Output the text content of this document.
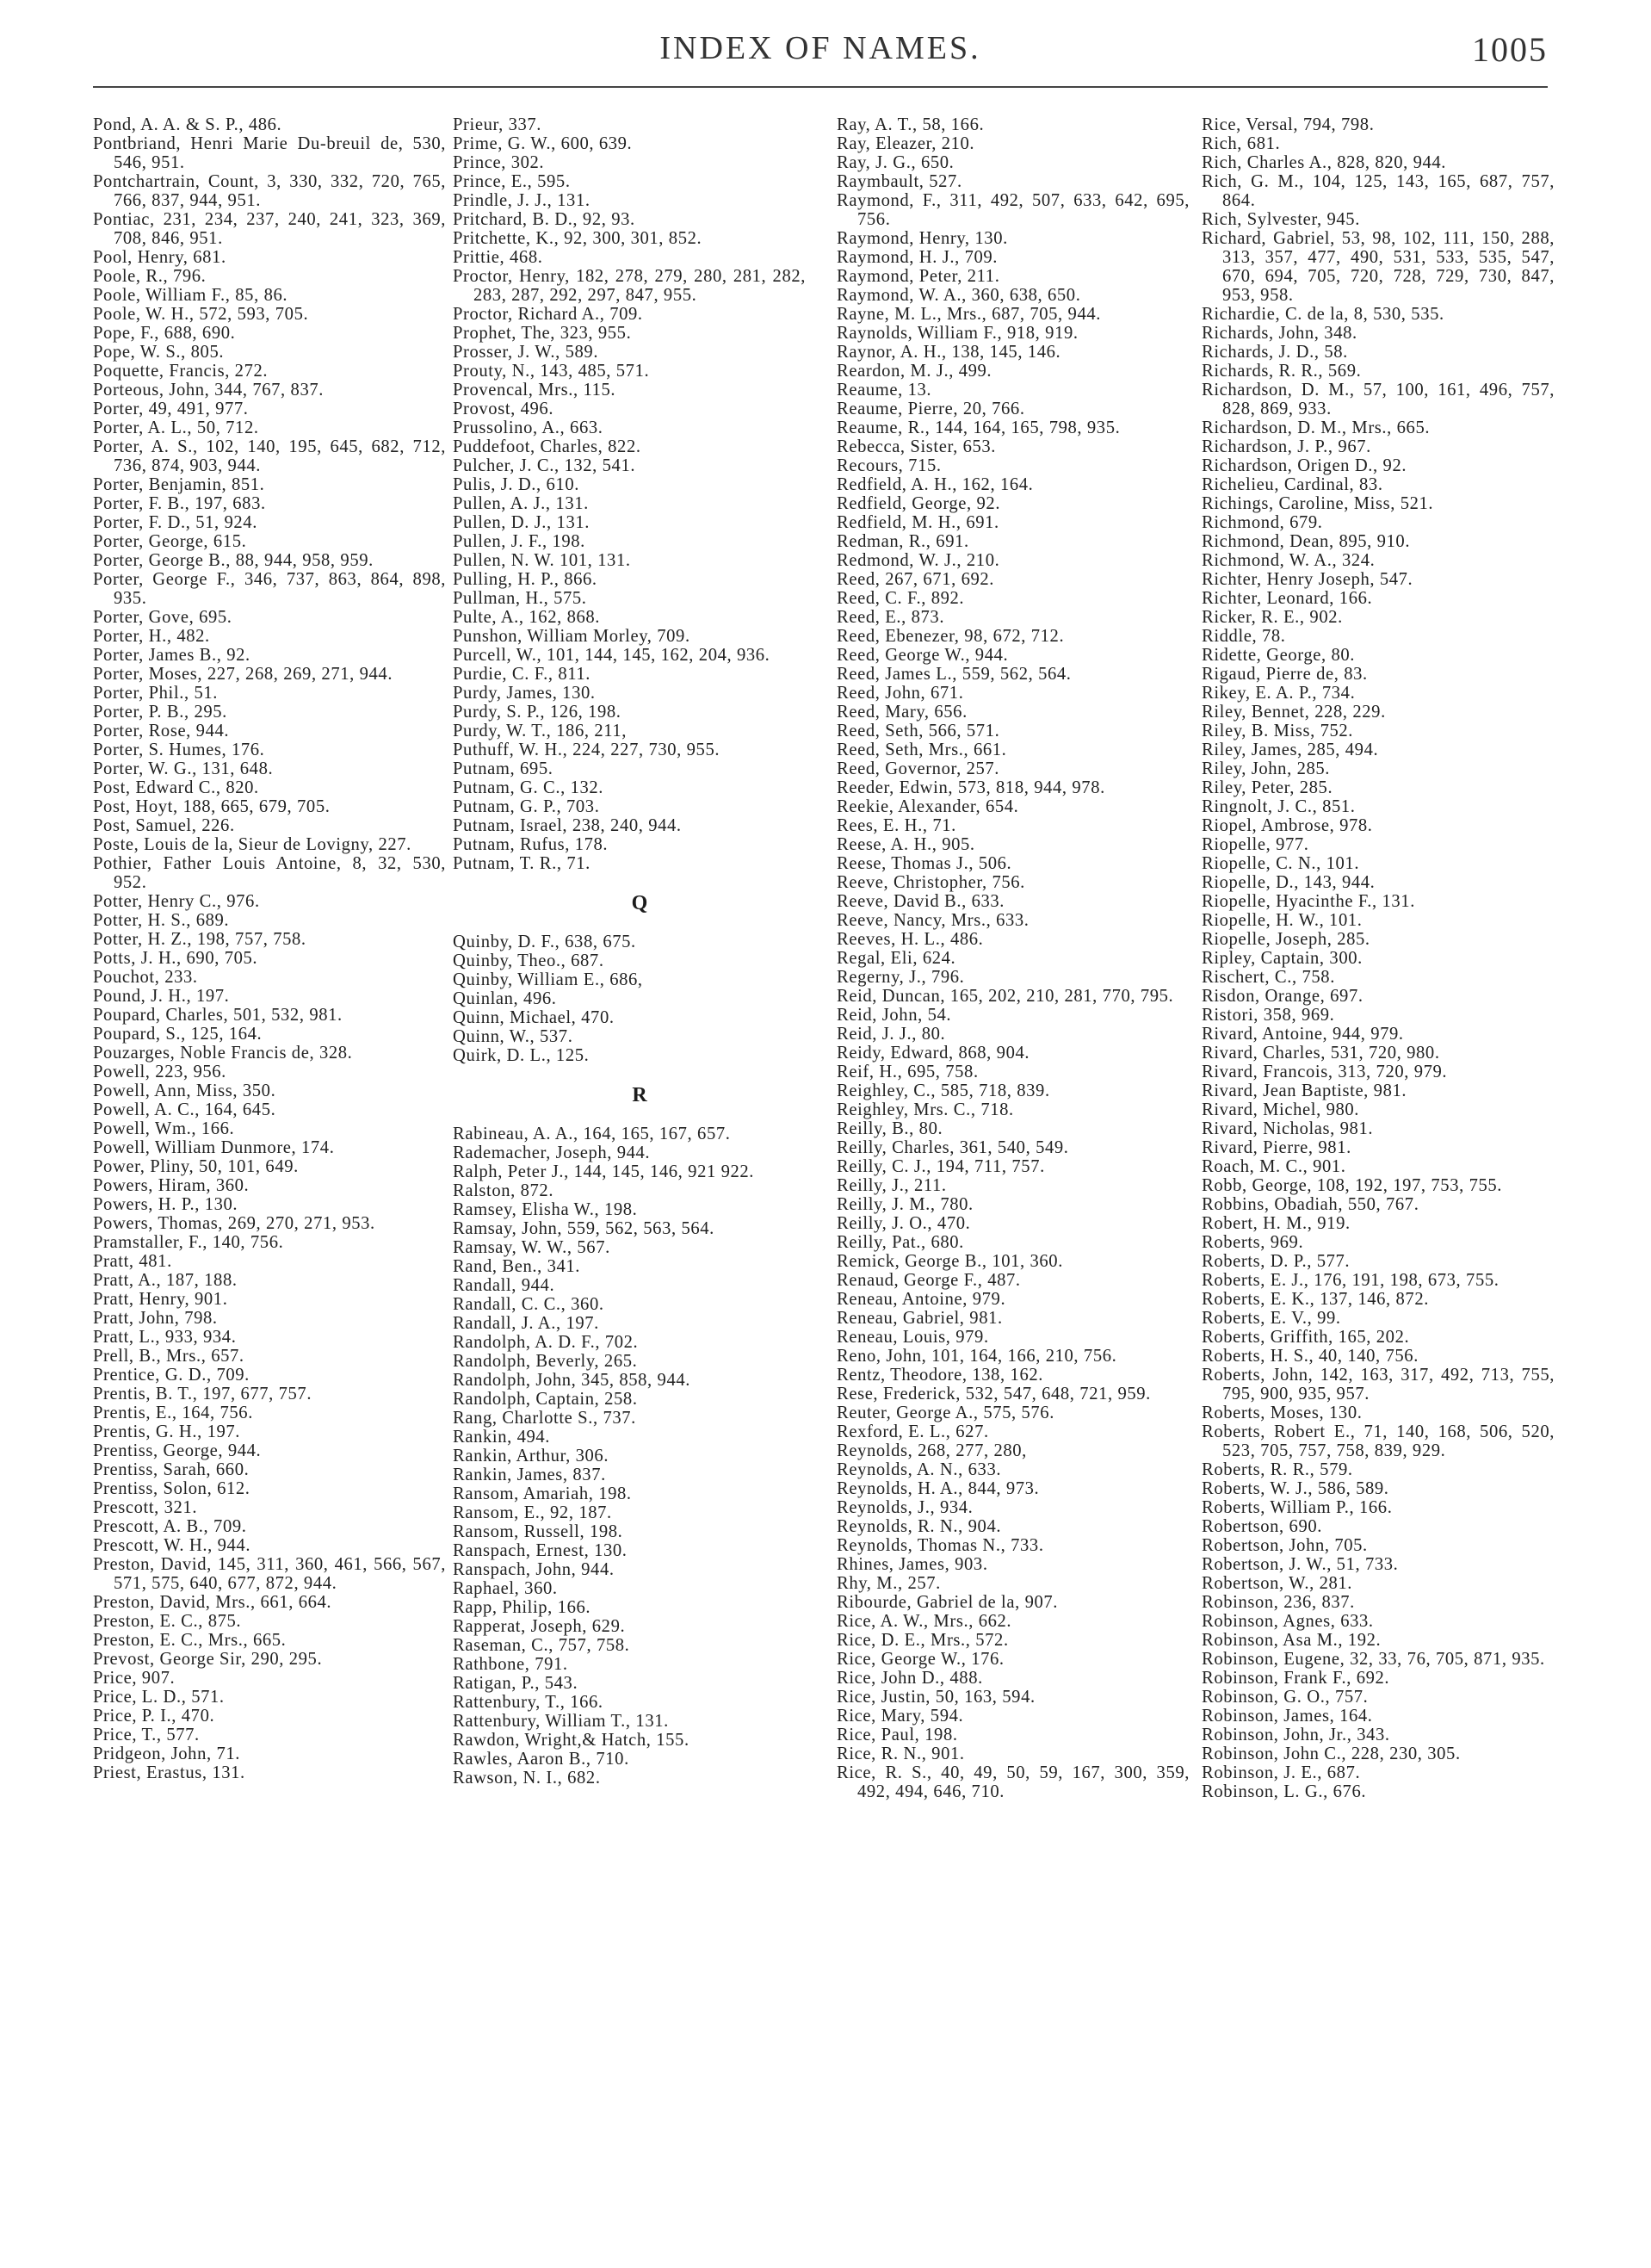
INDEX OF NAMES.	1005
Pond, A. A. & S. P., 486.
Pontbriand, Henri Marie Du-breuil de, 530, 546, 951.
Pontchartrain, Count, 3, 330, 332, 720, 765, 766, 837, 944, 951.
Pontiac, 231, 234, 237, 240, 241, 323, 369, 708, 846, 951.
Pool, Henry, 681.
Poole, R., 796.
Poole, William F., 85, 86.
Poole, W. H., 572, 593, 705.
Pope, F., 688, 690.
Pope, W. S., 805.
Poquette, Francis, 272.
Porteous, John, 344, 767, 837.
Porter, 49, 491, 977.
Porter, A. L., 50, 712.
Porter, A. S., 102, 140, 195, 645, 682, 712, 736, 874, 903, 944.
Porter, Benjamin, 851.
Porter, F. B., 197, 683.
Porter, F. D., 51, 924.
Porter, George, 615.
Porter, George B., 88, 944, 958, 959.
Porter, George F., 346, 737, 863, 864, 898, 935.
Porter, Gove, 695.
Porter, H., 482.
Porter, James B., 92.
Porter, Moses, 227, 268, 269, 271, 944.
Porter, Phil., 51.
Porter, P. B., 295.
Porter, Rose, 944.
Porter, S. Humes, 176.
Porter, W. G., 131, 648.
Post, Edward C., 820.
Post, Hoyt, 188, 665, 679, 705.
Post, Samuel, 226.
Poste, Louis de la, Sieur de Lovigny, 227.
Pothier, Father Louis Antoine, 8, 32, 530, 952.
Potter, Henry C., 976.
Potter, H. S., 689.
Potter, H. Z., 198, 757, 758.
Potts, J. H., 690, 705.
Pouchot, 233.
Pound, J. H., 197.
Poupard, Charles, 501, 532, 981.
Poupard, S., 125, 164.
Pouzarges, Noble Francis de, 328.
Powell, 223, 956.
Powell, Ann, Miss, 350.
Powell, A. C., 164, 645.
Powell, Wm., 166.
Powell, William Dunmore, 174.
Power, Pliny, 50, 101, 649.
Powers, Hiram, 360.
Powers, H. P., 130.
Powers, Thomas, 269, 270, 271, 953.
Pramstaller, F., 140, 756.
Pratt, 481.
Pratt, A., 187, 188.
Pratt, Henry, 901.
Pratt, John, 798.
Pratt, L., 933, 934.
Prell, B., Mrs., 657.
Prentice, G. D., 709.
Prentis, B. T., 197, 677, 757.
Prentis, E., 164, 756.
Prentis, G. H., 197.
Prentiss, George, 944.
Prentiss, Sarah, 660.
Prentiss, Solon, 612.
Prescott, 321.
Prescott, A. B., 709.
Prescott, W. H., 944.
Preston, David, 145, 311, 360, 461, 566, 567, 571, 575, 640, 677, 872, 944.
Preston, David, Mrs., 661, 664.
Preston, E. C., 875.
Preston, E. C., Mrs., 665.
Prevost, George Sir, 290, 295.
Price, 907.
Price, L. D., 571.
Price, P. I., 470.
Price, T., 577.
Pridgeon, John, 71.
Priest, Erastus, 131.
Prieur, 337.
Prime, G. W., 600, 639.
Prince, 302.
Prince, E., 595.
Prindle, J. J., 131.
Pritchard, B. D., 92, 93.
Pritchette, K., 92, 300, 301, 852.
Prittie, 468.
Proctor, Henry, 182, 278, 279, 280, 281, 282, 283, 287, 292, 297, 847, 955.
Proctor, Richard A., 709.
Prophet, The, 323, 955.
Prosser, J. W., 589.
Prouty, N., 143, 485, 571.
Provencal, Mrs., 115.
Provost, 496.
Prussolino, A., 663.
Puddefoot, Charles, 822.
Pulcher, J. C., 132, 541.
Pulis, J. D., 610.
Pullen, A. J., 131.
Pullen, D. J., 131.
Pullen, J. F., 198.
Pullen, N. W. 101, 131.
Pulling, H. P., 866.
Pullman, H., 575.
Pulte, A., 162, 868.
Punshon, William Morley, 709.
Purcell, W., 101, 144, 145, 162, 204, 936.
Purdie, C. F., 811.
Purdy, James, 130.
Purdy, S. P., 126, 198.
Purdy, W. T., 186, 211,
Puthuff, W. H., 224, 227, 730, 955.
Putnam, 695.
Putnam, G. C., 132.
Putnam, G. P., 703.
Putnam, Israel, 238, 240, 944.
Putnam, Rufus, 178.
Putnam, T. R., 71.
Q
Quinby, D. F., 638, 675.
Quinby, Theo., 687.
Quinby, William E., 686,
Quinlan, 496.
Quinn, Michael, 470.
Quinn, W., 537.
Quirk, D. L., 125.
R
Rabineau, A. A., 164, 165, 167, 657.
Rademacher, Joseph, 944.
Ralph, Peter J., 144, 145, 146, 921 922.
Ralston, 872.
Ramsey, Elisha W., 198.
Ramsay, John, 559, 562, 563, 564.
Ramsay, W. W., 567.
Rand, Ben., 341.
Randall, 944.
Randall, C. C., 360.
Randall, J. A., 197.
Randolph, A. D. F., 702.
Randolph, Beverly, 265.
Randolph, John, 345, 858, 944.
Randolph, Captain, 258.
Rang, Charlotte S., 737.
Rankin, 494.
Rankin, Arthur, 306.
Rankin, James, 837.
Ransom, Amariah, 198.
Ransom, E., 92, 187.
Ransom, Russell, 198.
Ranspach, Ernest, 130.
Ranspach, John, 944.
Raphael, 360.
Rapp, Philip, 166.
Rapperat, Joseph, 629.
Raseman, C., 757, 758.
Rathbone, 791.
Ratigan, P., 543.
Rattenbury, T., 166.
Rattenbury, William T., 131.
Rawdon, Wright,& Hatch, 155.
Rawles, Aaron B., 710.
Rawson, N. I., 682.
Ray, A. T., 58, 166.
Ray, Eleazer, 210.
Ray, J. G., 650.
Raymbault, 527.
Raymond, F., 311, 492, 507, 633, 642, 695, 756.
Raymond, Henry, 130.
Raymond, H. J., 709.
Raymond, Peter, 211.
Raymond, W. A., 360, 638, 650.
Rayne, M. L., Mrs., 687, 705, 944.
Raynolds, William F., 918, 919.
Raynor, A. H., 138, 145, 146.
Reardon, M. J., 499.
Reaume, 13.
Reaume, Pierre, 20, 766.
Reaume, R., 144, 164, 165, 798, 935.
Rebecca, Sister, 653.
Recours, 715.
Redfield, A. H., 162, 164.
Redfield, George, 92.
Redfield, M. H., 691.
Redman, R., 691.
Redmond, W. J., 210.
Reed, 267, 671, 692.
Reed, C. F., 892.
Reed, E., 873.
Reed, Ebenezer, 98, 672, 712.
Reed, George W., 944.
Reed, James L., 559, 562, 564.
Reed, John, 671.
Reed, Mary, 656.
Reed, Seth, 566, 571.
Reed, Seth, Mrs., 661.
Reed, Governor, 257.
Reeder, Edwin, 573, 818, 944, 978.
Reekie, Alexander, 654.
Rees, E. H., 71.
Reese, A. H., 905.
Reese, Thomas J., 506.
Reeve, Christopher, 756.
Reeve, David B., 633.
Reeve, Nancy, Mrs., 633.
Reeves, H. L., 486.
Regal, Eli, 624.
Regerny, J., 796.
Reid, Duncan, 165, 202, 210, 281, 770, 795.
Reid, John, 54.
Reid, J. J., 80.
Reidy, Edward, 868, 904.
Reif, H., 695, 758.
Reighley, C., 585, 718, 839.
Reighley, Mrs. C., 718.
Reilly, B., 80.
Reilly, Charles, 361, 540, 549.
Reilly, C. J., 194, 711, 757.
Reilly, J., 211.
Reilly, J. M., 780.
Reilly, J. O., 470.
Reilly, Pat., 680.
Remick, George B., 101, 360.
Renaud, George F., 487.
Reneau, Antoine, 979.
Reneau, Gabriel, 981.
Reneau, Louis, 979.
Reno, John, 101, 164, 166, 210, 756.
Rentz, Theodore, 138, 162.
Rese, Frederick, 532, 547, 648, 721, 959.
Reuter, George A., 575, 576.
Rexford, E. L., 627.
Reynolds, 268, 277, 280,
Reynolds, A. N., 633.
Reynolds, H. A., 844, 973.
Reynolds, J., 934.
Reynolds, R. N., 904.
Reynolds, Thomas N., 733.
Rhines, James, 903.
Rhy, M., 257.
Ribourde, Gabriel de la, 907.
Rice, A. W., Mrs., 662.
Rice, D. E., Mrs., 572.
Rice, George W., 176.
Rice, John D., 488.
Rice, Justin, 50, 163, 594.
Rice, Mary, 594.
Rice, Paul, 198.
Rice, R. N., 901.
Rice, R. S., 40, 49, 50, 59, 167, 300, 359, 492, 494, 646, 710.
Rice, Versal, 794, 798.
Rich, 681.
Rich, Charles A., 828, 820, 944.
Rich, G. M., 104, 125, 143, 165, 687, 757, 864.
Rich, Sylvester, 945.
Richard, Gabriel, 53, 98, 102, 111, 150, 288, 313, 357, 477, 490, 531, 533, 535, 547, 670, 694, 705, 720, 728, 729, 730, 847, 953, 958.
Richardie, C. de la, 8, 530, 535.
Richards, John, 348.
Richards, J. D., 58.
Richards, R. R., 569.
Richardson, D. M., 57, 100, 161, 496, 757, 828, 869, 933.
Richardson, D. M., Mrs., 665.
Richardson, J. P., 967.
Richardson, Origen D., 92.
Richelieu, Cardinal, 83.
Richings, Caroline, Miss, 521.
Richmond, 679.
Richmond, Dean, 895, 910.
Richmond, W. A., 324.
Richter, Henry Joseph, 547.
Richter, Leonard, 166.
Ricker, R. E., 902.
Riddle, 78.
Ridette, George, 80.
Rigaud, Pierre de, 83.
Rikey, E. A. P., 734.
Riley, Bennet, 228, 229.
Riley, B. Miss, 752.
Riley, James, 285, 494.
Riley, John, 285.
Riley, Peter, 285.
Ringnolt, J. C., 851.
Riopel, Ambrose, 978.
Riopelle, 977.
Riopelle, C. N., 101.
Riopelle, D., 143, 944.
Riopelle, Hyacinthe F., 131.
Riopelle, H. W., 101.
Riopelle, Joseph, 285.
Ripley, Captain, 300.
Rischert, C., 758.
Risdon, Orange, 697.
Ristori, 358, 969.
Rivard, Antoine, 944, 979.
Rivard, Charles, 531, 720, 980.
Rivard, Francois, 313, 720, 979.
Rivard, Jean Baptiste, 981.
Rivard, Michel, 980.
Rivard, Nicholas, 981.
Rivard, Pierre, 981.
Roach, M. C., 901.
Robb, George, 108, 192, 197, 753, 755.
Robbins, Obadiah, 550, 767.
Robert, H. M., 919.
Roberts, 969.
Roberts, D. P., 577.
Roberts, E. J., 176, 191, 198, 673, 755.
Roberts, E. K., 137, 146, 872.
Roberts, E. V., 99.
Roberts, Griffith, 165, 202.
Roberts, H. S., 40, 140, 756.
Roberts, John, 142, 163, 317, 492, 713, 755, 795, 900, 935, 957.
Roberts, Moses, 130.
Roberts, Robert E., 71, 140, 168, 506, 520, 523, 705, 757, 758, 839, 929.
Roberts, R. R., 579.
Roberts, W. J., 586, 589.
Roberts, William P., 166.
Robertson, 690.
Robertson, John, 705.
Robertson, J. W., 51, 733.
Robertson, W., 281.
Robinson, 236, 837.
Robinson, Agnes, 633.
Robinson, Asa M., 192.
Robinson, Eugene, 32, 33, 76, 705, 871, 935.
Robinson, Frank F., 692.
Robinson, G. O., 757.
Robinson, James, 164.
Robinson, John, Jr., 343.
Robinson, John C., 228, 230, 305.
Robinson, J. E., 687.
Robinson, L. G., 676.
